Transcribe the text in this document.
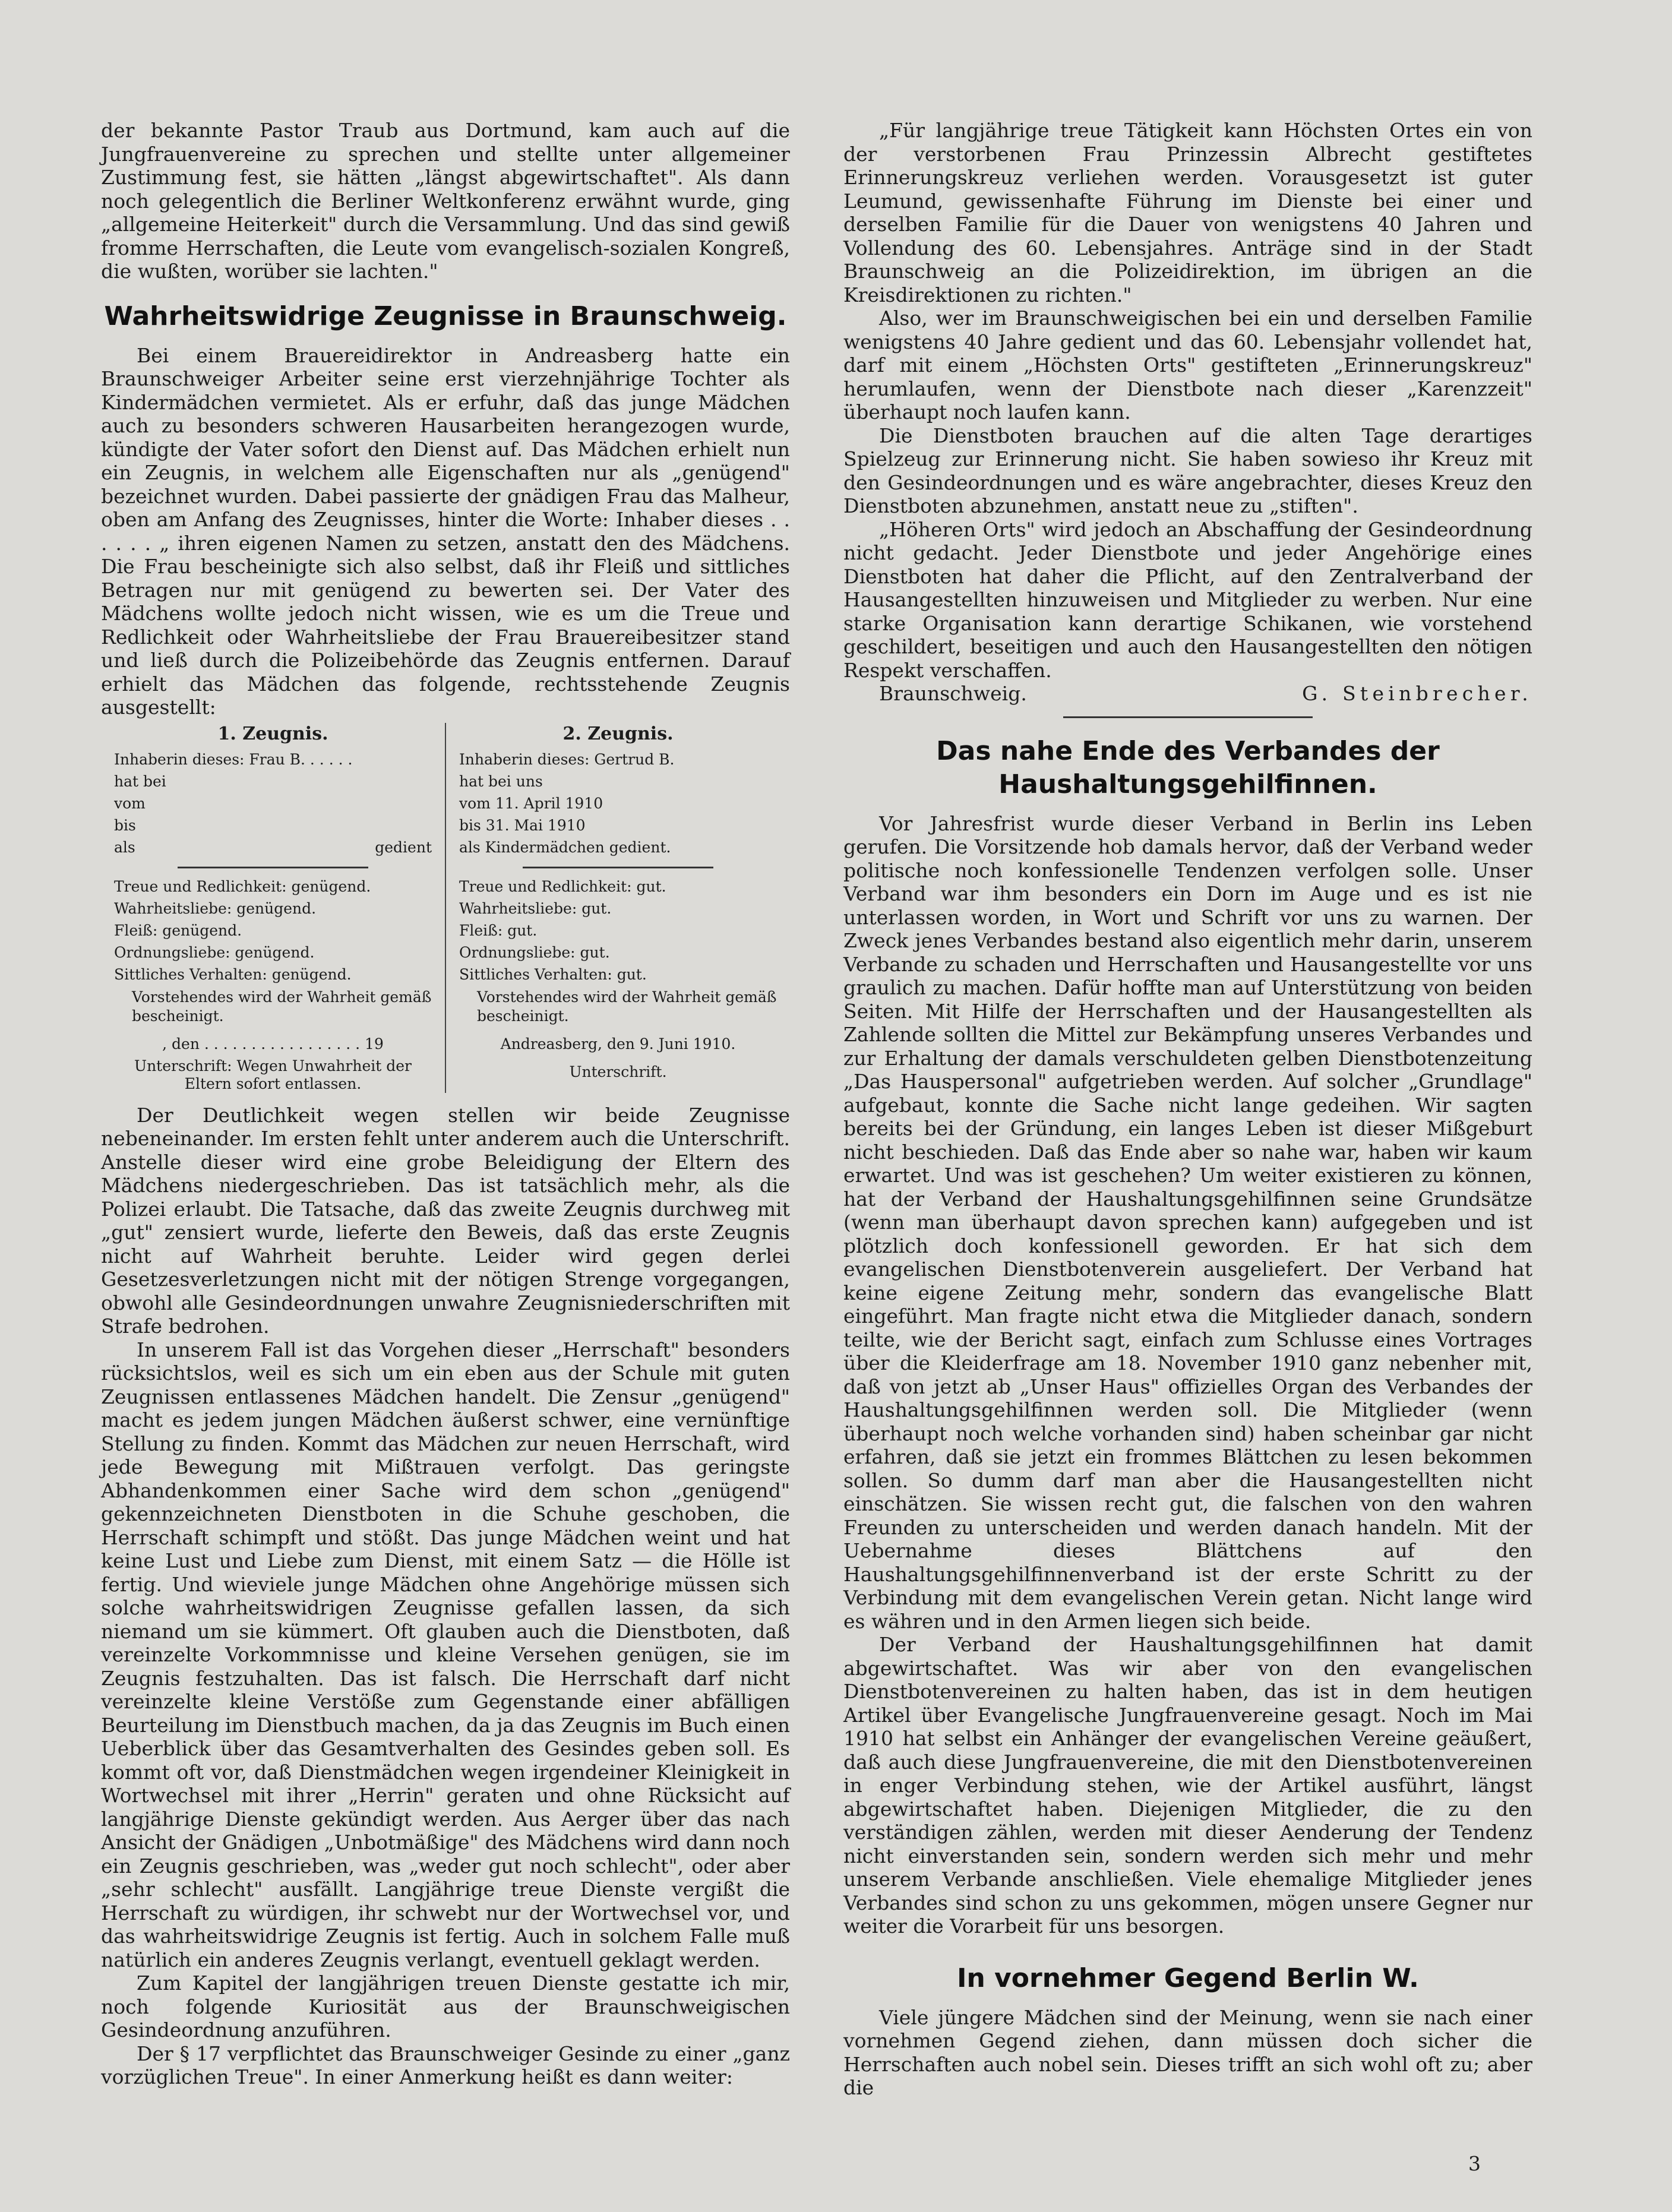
der bekannte Pastor Traub aus Dortmund, kam auch auf die Jungfrauenvereine zu sprechen und stellte unter allgemeiner Zustimmung fest, sie hätten „längst abgewirtschaftet". Als dann noch gelegentlich die Berliner Weltkonferenz erwähnt wurde, ging „allgemeine Heiterkeit" durch die Versammlung. Und das sind gewiß fromme Herrschaften, die Leute vom evangelisch-sozialen Kongreß, die wußten, worüber sie lachten."

Wahrheitswidrige Zeugnisse in Braunschweig.

Bei einem Brauereidirektor in Andreasberg hatte ein Braunschweiger Arbeiter seine erst vierzehnjährige Tochter als Kindermädchen vermietet. Als er erfuhr, daß das junge Mädchen auch zu besonders schweren Hausarbeiten herangezogen wurde, kündigte der Vater sofort den Dienst auf. Das Mädchen erhielt nun ein Zeugnis, in welchem alle Eigenschaften nur als „genügend" bezeichnet wurden. Dabei passierte der gnädigen Frau das Malheur, oben am Anfang des Zeugnisses, hinter die Worte: Inhaber dieses . . . . . . „ ihren eigenen Namen zu setzen, anstatt den des Mädchens. Die Frau bescheinigte sich also selbst, daß ihr Fleiß und sittliches Betragen nur mit genügend zu bewerten sei. Der Vater des Mädchens wollte jedoch nicht wissen, wie es um die Treue und Redlichkeit oder Wahrheitsliebe der Frau Brauereibesitzer stand und ließ durch die Polizeibehörde das Zeugnis entfernen. Darauf erhielt das Mädchen das folgende, rechtsstehende Zeugnis ausgestellt:

1. Zeugnis.
Inhaberin dieses: Frau B. . . . . .
hat bei
vom
bis
als	gedient
Treue und Redlichkeit: genügend.
Wahrheitsliebe: genügend.
Fleiß: genügend.
Ordnungsliebe: genügend.
Sittliches Verhalten: genügend.
Vorstehendes wird der Wahrheit gemäß bescheinigt.
, den . . . . . . . . . . . . . . . . . 19
Unterschrift: Wegen Unwahrheit der Eltern sofort entlassen.
2. Zeugnis.
Inhaberin dieses: Gertrud B.
hat bei uns
vom 11. April 1910
bis 31. Mai 1910
als Kindermädchen gedient.
Treue und Redlichkeit: gut.
Wahrheitsliebe: gut.
Fleiß: gut.
Ordnungsliebe: gut.
Sittliches Verhalten: gut.
Vorstehendes wird der Wahrheit gemäß bescheinigt.
Andreasberg, den 9. Juni 1910.
Unterschrift.

Der Deutlichkeit wegen stellen wir beide Zeugnisse nebeneinander. Im ersten fehlt unter anderem auch die Unterschrift. Anstelle dieser wird eine grobe Beleidigung der Eltern des Mädchens niedergeschrieben. Das ist tatsächlich mehr, als die Polizei erlaubt. Die Tatsache, daß das zweite Zeugnis durchweg mit „gut" zensiert wurde, lieferte den Beweis, daß das erste Zeugnis nicht auf Wahrheit beruhte. Leider wird gegen derlei Gesetzesverletzungen nicht mit der nötigen Strenge vorgegangen, obwohl alle Gesindeordnungen unwahre Zeugnisniederschriften mit Strafe bedrohen.

In unserem Fall ist das Vorgehen dieser „Herrschaft" besonders rücksichtslos, weil es sich um ein eben aus der Schule mit guten Zeugnissen entlassenes Mädchen handelt. Die Zensur „genügend" macht es jedem jungen Mädchen äußerst schwer, eine vernünftige Stellung zu finden. Kommt das Mädchen zur neuen Herrschaft, wird jede Bewegung mit Mißtrauen verfolgt. Das geringste Abhandenkommen einer Sache wird dem schon „genügend" gekennzeichneten Dienstboten in die Schuhe geschoben, die Herrschaft schimpft und stößt. Das junge Mädchen weint und hat keine Lust und Liebe zum Dienst, mit einem Satz — die Hölle ist fertig. Und wieviele junge Mädchen ohne Angehörige müssen sich solche wahrheitswidrigen Zeugnisse gefallen lassen, da sich niemand um sie kümmert. Oft glauben auch die Dienstboten, daß vereinzelte Vorkommnisse und kleine Versehen genügen, sie im Zeugnis festzuhalten. Das ist falsch. Die Herrschaft darf nicht vereinzelte kleine Verstöße zum Gegenstande einer abfälligen Beurteilung im Dienstbuch machen, da ja das Zeugnis im Buch einen Ueberblick über das Gesamtverhalten des Gesindes geben soll. Es kommt oft vor, daß Dienstmädchen wegen irgendeiner Kleinigkeit in Wortwechsel mit ihrer „Herrin" geraten und ohne Rücksicht auf langjährige Dienste gekündigt werden. Aus Aerger über das nach Ansicht der Gnädigen „Unbotmäßige" des Mädchens wird dann noch ein Zeugnis geschrieben, was „weder gut noch schlecht", oder aber „sehr schlecht" ausfällt. Langjährige treue Dienste vergißt die Herrschaft zu würdigen, ihr schwebt nur der Wortwechsel vor, und das wahrheitswidrige Zeugnis ist fertig. Auch in solchem Falle muß natürlich ein anderes Zeugnis verlangt, eventuell geklagt werden.

Zum Kapitel der langjährigen treuen Dienste gestatte ich mir, noch folgende Kuriosität aus der Braunschweigischen Gesindeordnung anzuführen.

Der § 17 verpflichtet das Braunschweiger Gesinde zu einer „ganz vorzüglichen Treue". In einer Anmerkung heißt es dann weiter:

„Für langjährige treue Tätigkeit kann Höchsten Ortes ein von der verstorbenen Frau Prinzessin Albrecht gestiftetes Erinnerungskreuz verliehen werden. Vorausgesetzt ist guter Leumund, gewissenhafte Führung im Dienste bei einer und derselben Familie für die Dauer von wenigstens 40 Jahren und Vollendung des 60. Lebensjahres. Anträge sind in der Stadt Braunschweig an die Polizeidirektion, im übrigen an die Kreisdirektionen zu richten."

Also, wer im Braunschweigischen bei ein und derselben Familie wenigstens 40 Jahre gedient und das 60. Lebensjahr vollendet hat, darf mit einem „Höchsten Orts" gestifteten „Erinnerungskreuz" herumlaufen, wenn der Dienstbote nach dieser „Karenzzeit" überhaupt noch laufen kann.

Die Dienstboten brauchen auf die alten Tage derartiges Spielzeug zur Erinnerung nicht. Sie haben sowieso ihr Kreuz mit den Gesindeordnungen und es wäre angebrachter, dieses Kreuz den Dienstboten abzunehmen, anstatt neue zu „stiften".

„Höheren Orts" wird jedoch an Abschaffung der Gesindeordnung nicht gedacht. Jeder Dienstbote und jeder Angehörige eines Dienstboten hat daher die Pflicht, auf den Zentralverband der Hausangestellten hinzuweisen und Mitglieder zu werben. Nur eine starke Organisation kann derartige Schikanen, wie vorstehend geschildert, beseitigen und auch den Hausangestellten den nötigen Respekt verschaffen.

Braunschweig.	G. Steinbrecher.
Das nahe Ende des Verbandes der Haushaltungsgehilfinnen.

Vor Jahresfrist wurde dieser Verband in Berlin ins Leben gerufen. Die Vorsitzende hob damals hervor, daß der Verband weder politische noch konfessionelle Tendenzen verfolgen solle. Unser Verband war ihm besonders ein Dorn im Auge und es ist nie unterlassen worden, in Wort und Schrift vor uns zu warnen. Der Zweck jenes Verbandes bestand also eigentlich mehr darin, unserem Verbande zu schaden und Herrschaften und Hausangestellte vor uns graulich zu machen. Dafür hoffte man auf Unterstützung von beiden Seiten. Mit Hilfe der Herrschaften und der Hausangestellten als Zahlende sollten die Mittel zur Bekämpfung unseres Verbandes und zur Erhaltung der damals verschuldeten gelben Dienstbotenzeitung „Das Hauspersonal" aufgetrieben werden. Auf solcher „Grundlage" aufgebaut, konnte die Sache nicht lange gedeihen. Wir sagten bereits bei der Gründung, ein langes Leben ist dieser Mißgeburt nicht beschieden. Daß das Ende aber so nahe war, haben wir kaum erwartet. Und was ist geschehen? Um weiter existieren zu können, hat der Verband der Haushaltungsgehilfinnen seine Grundsätze (wenn man überhaupt davon sprechen kann) aufgegeben und ist plötzlich doch konfessionell geworden. Er hat sich dem evangelischen Dienstbotenverein ausgeliefert. Der Verband hat keine eigene Zeitung mehr, sondern das evangelische Blatt eingeführt. Man fragte nicht etwa die Mitglieder danach, sondern teilte, wie der Bericht sagt, einfach zum Schlusse eines Vortrages über die Kleiderfrage am 18. November 1910 ganz nebenher mit, daß von jetzt ab „Unser Haus" offizielles Organ des Verbandes der Haushaltungsgehilfinnen werden soll. Die Mitglieder (wenn überhaupt noch welche vorhanden sind) haben scheinbar gar nicht erfahren, daß sie jetzt ein frommes Blättchen zu lesen bekommen sollen. So dumm darf man aber die Hausangestellten nicht einschätzen. Sie wissen recht gut, die falschen von den wahren Freunden zu unterscheiden und werden danach handeln. Mit der Uebernahme dieses Blättchens auf den Haushaltungsgehilfinnenverband ist der erste Schritt zu der Verbindung mit dem evangelischen Verein getan. Nicht lange wird es währen und in den Armen liegen sich beide.

Der Verband der Haushaltungsgehilfinnen hat damit abgewirtschaftet. Was wir aber von den evangelischen Dienstbotenvereinen zu halten haben, das ist in dem heutigen Artikel über Evangelische Jungfrauenvereine gesagt. Noch im Mai 1910 hat selbst ein Anhänger der evangelischen Vereine geäußert, daß auch diese Jungfrauenvereine, die mit den Dienstbotenvereinen in enger Verbindung stehen, wie der Artikel ausführt, längst abgewirtschaftet haben. Diejenigen Mitglieder, die zu den verständigen zählen, werden mit dieser Aenderung der Tendenz nicht einverstanden sein, sondern werden sich mehr und mehr unserem Verbande anschließen. Viele ehemalige Mitglieder jenes Verbandes sind schon zu uns gekommen, mögen unsere Gegner nur weiter die Vorarbeit für uns besorgen.

In vornehmer Gegend Berlin W.

Viele jüngere Mädchen sind der Meinung, wenn sie nach einer vornehmen Gegend ziehen, dann müssen doch sicher die Herrschaften auch nobel sein. Dieses trifft an sich wohl oft zu; aber die

3
